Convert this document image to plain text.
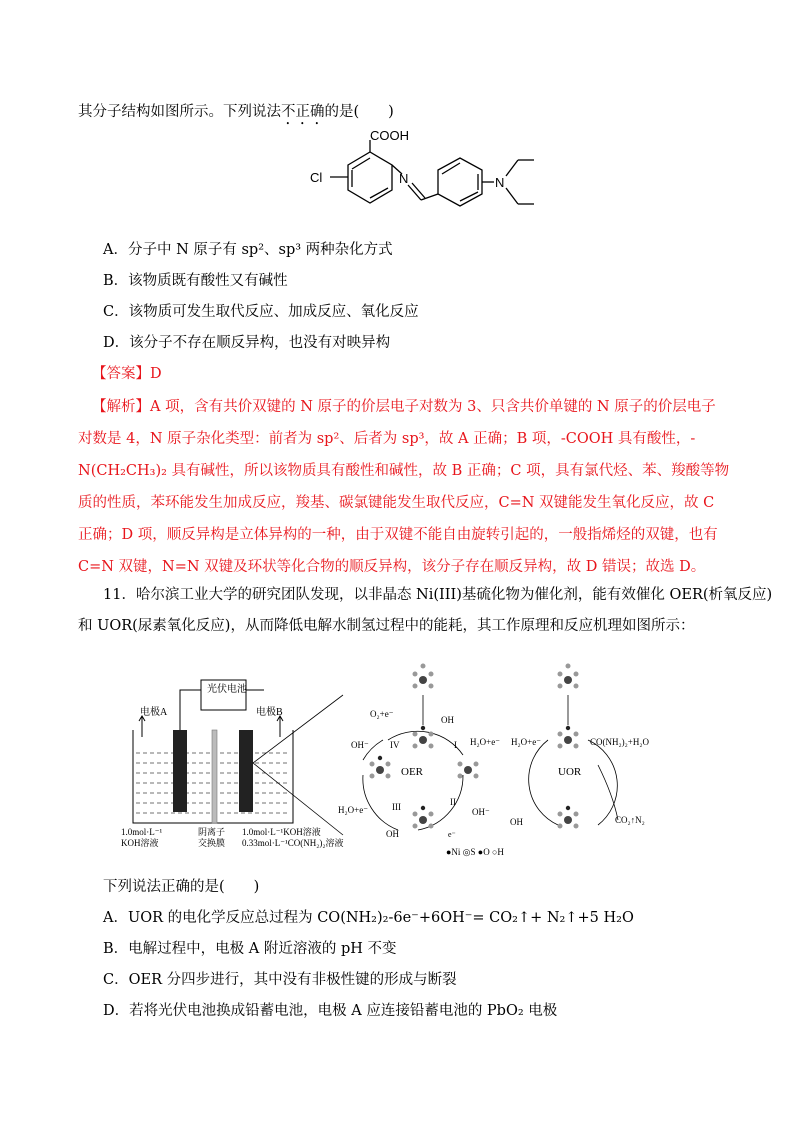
其分子结构如图所示。下列说法不正确的是(　　)
COOH
Cl	N	N
A．分子中 N 原子有 sp²、sp³ 两种杂化方式
B．该物质既有酸性又有碱性
C．该物质可发生取代反应、加成反应、氧化反应
D．该分子不存在顺反异构，也没有对映异构
【答案】D
【解析】A 项，含有共价双键的 N 原子的价层电子对数为 3、只含共价单键的 N 原子的价层电子对数是 4，N 原子杂化类型：前者为 sp²、后者为 sp³，故 A 正确；B 项，-COOH 具有酸性，-N(CH₂CH₃)₂ 具有碱性，所以该物质具有酸性和碱性，故 B 正确；C 项，具有氯代烃、苯、羧酸等物质的性质，苯环能发生加成反应，羧基、碳氯键能发生取代反应，C=N 双键能发生氧化反应，故 C 正确；D 项，顺反异构是立体异构的一种，由于双键不能自由旋转引起的，一般指烯烃的双键，也有 C=N 双键，N=N 双键及环状等化合物的顺反异构，该分子存在顺反异构，故 D 错误；故选 D。
11．哈尔滨工业大学的研究团队发现，以非晶态 Ni(III)基硫化物为催化剂，能有效催化 OER(析氧反应)
和 UOR(尿素氧化反应)，从而降低电解水制氢过程中的能耗，其工作原理和反应机理如图所示：
光伏电池
电极A	电极B
1.0mol·L⁻¹
KOH溶液
阴离子
交换膜
1.0mol·L⁻¹KOH溶液
0.33mol·L⁻¹CO(NH₂)₂溶液
OER
O₂+e⁻
OH
OH⁻	H₂O+e⁻
H₂O+e⁻	OH⁻
OH	e⁻
I
II
III
IV
UOR
H₂O+e⁻	CO(NH₂)₂+H₂O
OH	CO₂↑N₂
●Ni ◎S ●O ○H
下列说法正确的是(　　)
A．UOR 的电化学反应总过程为 CO(NH₂)₂-6e⁻+6OH⁻= CO₂↑+ N₂↑+5 H₂O
B．电解过程中，电极 A 附近溶液的 pH 不变
C．OER 分四步进行，其中没有非极性键的形成与断裂
D．若将光伏电池换成铅蓄电池，电极 A 应连接铅蓄电池的 PbO₂ 电极
